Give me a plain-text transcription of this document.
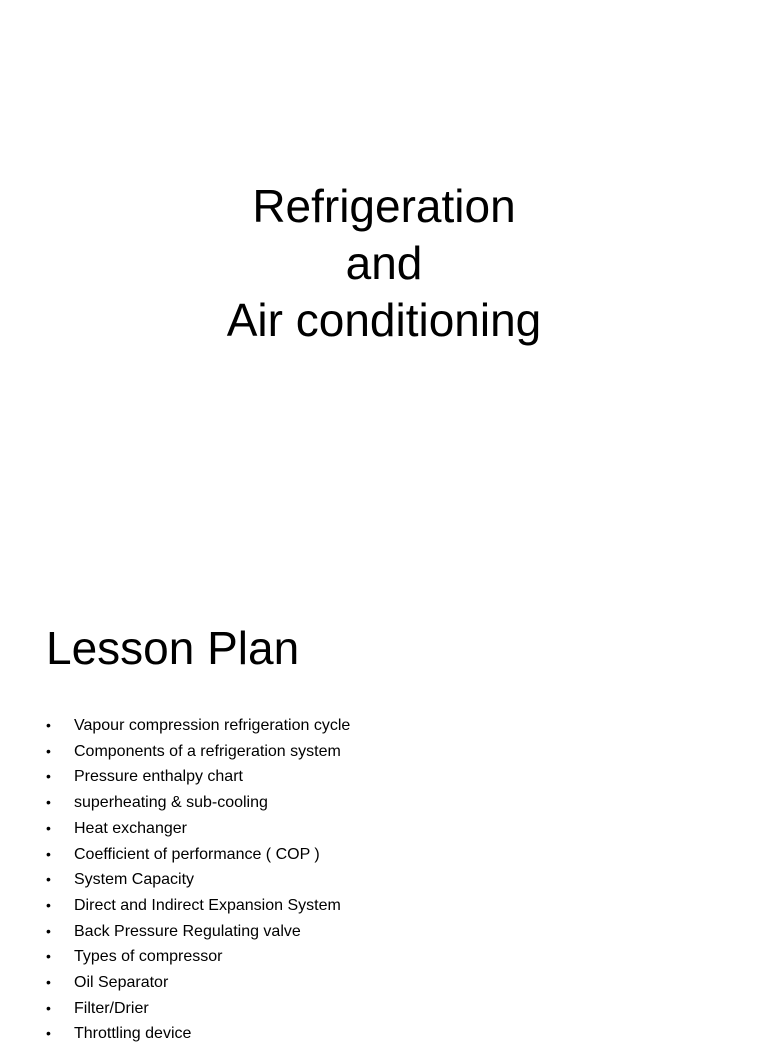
Refrigeration
and
Air conditioning
Lesson Plan
•	Vapour compression refrigeration cycle
•	Components of a refrigeration system
•	Pressure enthalpy chart
•	superheating & sub-cooling
•	Heat exchanger
•	Coefficient of performance ( COP )
•	System Capacity
•	Direct and Indirect Expansion System
•	Back Pressure Regulating valve
•	Types of compressor
•	Oil Separator
•	Filter/Drier
•	Throttling device
